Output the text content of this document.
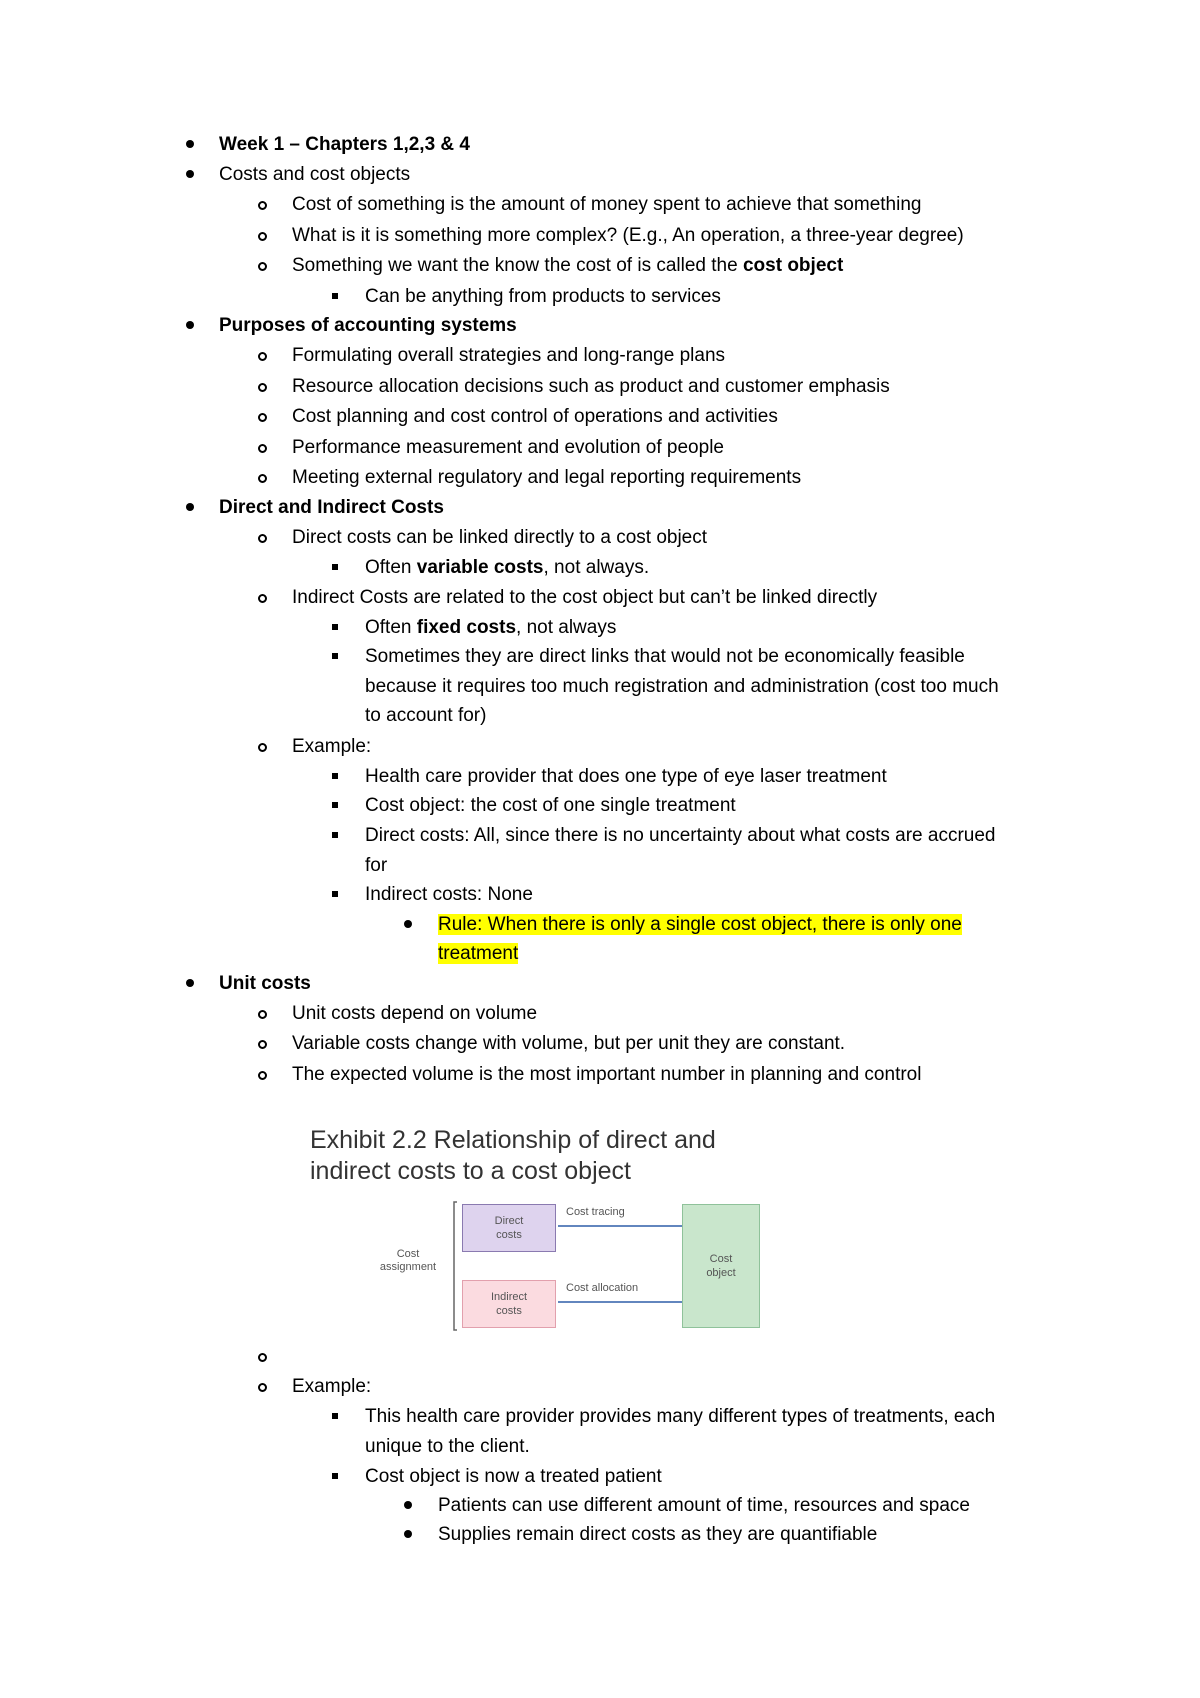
Week 1 – Chapters 1,2,3 & 4
Costs and cost objects
Cost of something is the amount of money spent to achieve that something
What is it is something more complex? (E.g., An operation, a three-year degree)
Something we want the know the cost of is called the cost object
Can be anything from products to services
Purposes of accounting systems
Formulating overall strategies and long-range plans
Resource allocation decisions such as product and customer emphasis
Cost planning and cost control of operations and activities
Performance measurement and evolution of people
Meeting external regulatory and legal reporting requirements
Direct and Indirect Costs
Direct costs can be linked directly to a cost object
Often variable costs, not always.
Indirect Costs are related to the cost object but can’t be linked directly
Often fixed costs, not always
Sometimes they are direct links that would not be economically feasible
because it requires too much registration and administration (cost too much
to account for)
Example:
Health care provider that does one type of eye laser treatment
Cost object: the cost of one single treatment
Direct costs: All, since there is no uncertainty about what costs are accrued
for
Indirect costs: None
Rule: When there is only a single cost object, there is only one
treatment
Unit costs
Unit costs depend on volume
Variable costs change with volume, but per unit they are constant.
The expected volume is the most important number in planning and control
Example:
This health care provider provides many different types of treatments, each
unique to the client.
Cost object is now a treated patient
Patients can use different amount of time, resources and space
Supplies remain direct costs as they are quantifiable
Exhibit 2.2 Relationship of direct and
indirect costs to a cost object
Cost
assignment
Direct
costs
Indirect
costs
Cost
object
Cost tracing
Cost allocation
